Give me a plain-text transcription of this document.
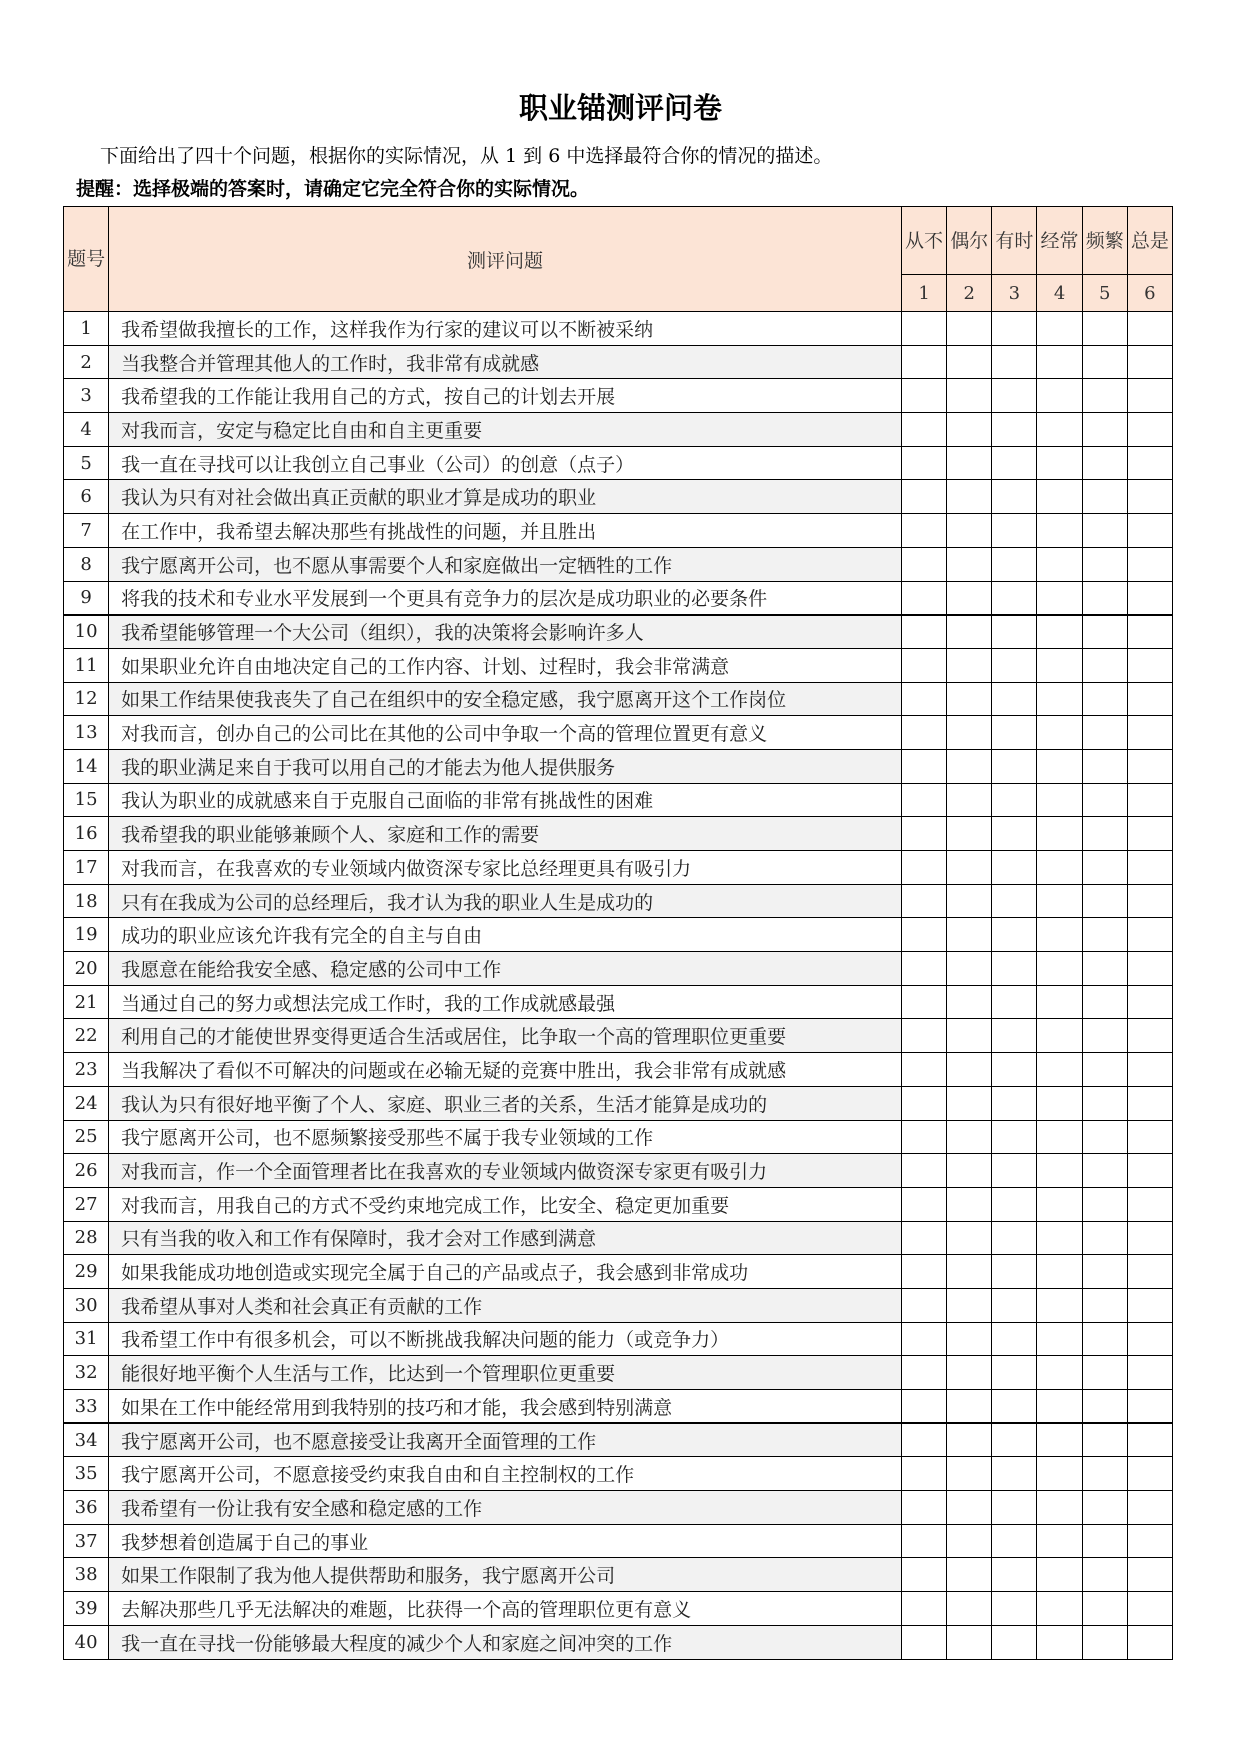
职业锚测评问卷
下面给出了四十个问题，根据你的实际情况，从 1 到 6 中选择最符合你的情况的描述。
提醒：选择极端的答案时，请确定它完全符合你的实际情况。
题号	测评问题	从不	偶尔	有时	经常	频繁	总是
		1	2	3	4	5	6
1	我希望做我擅长的工作，这样我作为行家的建议可以不断被采纳						
2	当我整合并管理其他人的工作时，我非常有成就感						
3	我希望我的工作能让我用自己的方式，按自己的计划去开展						
4	对我而言，安定与稳定比自由和自主更重要						
5	我一直在寻找可以让我创立自己事业（公司）的创意（点子）						
6	我认为只有对社会做出真正贡献的职业才算是成功的职业						
7	在工作中，我希望去解决那些有挑战性的问题，并且胜出						
8	我宁愿离开公司，也不愿从事需要个人和家庭做出一定牺牲的工作						
9	将我的技术和专业水平发展到一个更具有竞争力的层次是成功职业的必要条件						
10	我希望能够管理一个大公司（组织），我的决策将会影响许多人						
11	如果职业允许自由地决定自己的工作内容、计划、过程时，我会非常满意						
12	如果工作结果使我丧失了自己在组织中的安全稳定感，我宁愿离开这个工作岗位						
13	对我而言，创办自己的公司比在其他的公司中争取一个高的管理位置更有意义						
14	我的职业满足来自于我可以用自己的才能去为他人提供服务						
15	我认为职业的成就感来自于克服自己面临的非常有挑战性的困难						
16	我希望我的职业能够兼顾个人、家庭和工作的需要						
17	对我而言，在我喜欢的专业领域内做资深专家比总经理更具有吸引力						
18	只有在我成为公司的总经理后，我才认为我的职业人生是成功的						
19	成功的职业应该允许我有完全的自主与自由						
20	我愿意在能给我安全感、稳定感的公司中工作						
21	当通过自己的努力或想法完成工作时，我的工作成就感最强						
22	利用自己的才能使世界变得更适合生活或居住，比争取一个高的管理职位更重要						
23	当我解决了看似不可解决的问题或在必输无疑的竞赛中胜出，我会非常有成就感						
24	我认为只有很好地平衡了个人、家庭、职业三者的关系，生活才能算是成功的						
25	我宁愿离开公司，也不愿频繁接受那些不属于我专业领域的工作						
26	对我而言，作一个全面管理者比在我喜欢的专业领域内做资深专家更有吸引力						
27	对我而言，用我自己的方式不受约束地完成工作，比安全、稳定更加重要						
28	只有当我的收入和工作有保障时，我才会对工作感到满意						
29	如果我能成功地创造或实现完全属于自己的产品或点子，我会感到非常成功						
30	我希望从事对人类和社会真正有贡献的工作						
31	我希望工作中有很多机会，可以不断挑战我解决问题的能力（或竞争力）						
32	能很好地平衡个人生活与工作，比达到一个管理职位更重要						
33	如果在工作中能经常用到我特别的技巧和才能，我会感到特别满意						
34	我宁愿离开公司，也不愿意接受让我离开全面管理的工作						
35	我宁愿离开公司，不愿意接受约束我自由和自主控制权的工作						
36	我希望有一份让我有安全感和稳定感的工作						
37	我梦想着创造属于自己的事业						
38	如果工作限制了我为他人提供帮助和服务，我宁愿离开公司						
39	去解决那些几乎无法解决的难题，比获得一个高的管理职位更有意义						
40	我一直在寻找一份能够最大程度的减少个人和家庭之间冲突的工作						
